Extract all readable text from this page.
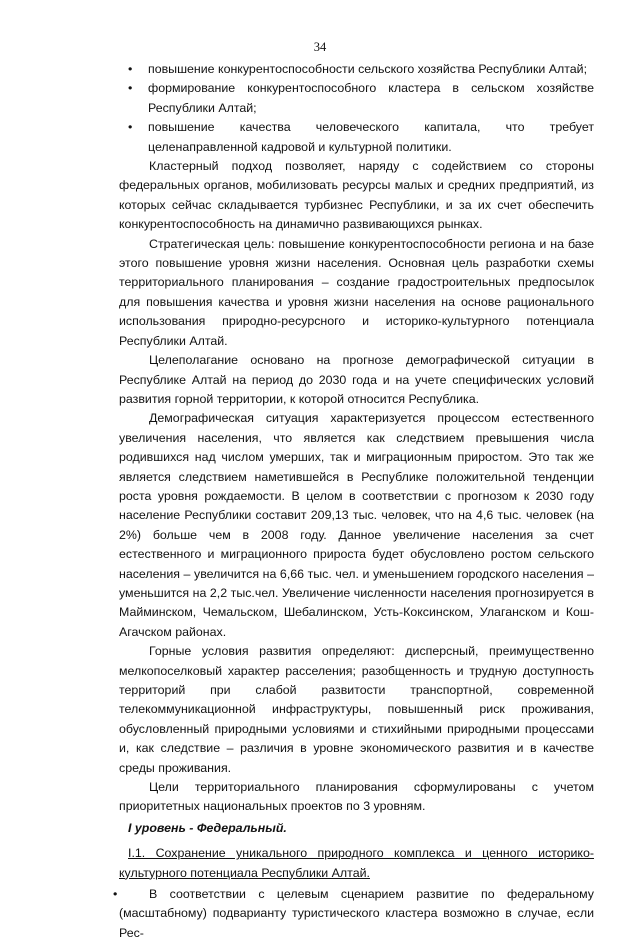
34
• повышение конкурентоспособности сельского хозяйства Республики Алтай;
• формирование конкурентоспособного кластера в сельском хозяйстве Республики Алтай;
• повышение качества человеческого капитала, что требует целенаправленной кадровой и культурной политики.

Кластерный подход позволяет, наряду с содействием со стороны федеральных органов, мобилизовать ресурсы малых и средних предприятий, из которых сейчас складывается турбизнес Республики, и за их счет обеспечить конкурентоспособность на динамично развивающихся рынках.

Стратегическая цель: повышение конкурентоспособности региона и на базе этого повышение уровня жизни населения. Основная цель разработки схемы территориального планирования – создание градостроительных предпосылок для повышения качества и уровня жизни населения на основе рационального использования природно-ресурсного и историко-культурного потенциала Республики Алтай.

Целеполагание основано на прогнозе демографической ситуации в Республике Алтай на период до 2030 года и на учете специфических условий развития горной территории, к которой относится Республика.

Демографическая ситуация характеризуется процессом естественного увеличения населения, что является как следствием превышения числа родившихся над числом умерших, так и миграционным приростом. Это так же является следствием наметившейся в Республике положительной тенденции роста уровня рождаемости. В целом в соответствии с прогнозом к 2030 году население Республики составит 209,13 тыс. человек, что на 4,6 тыс. человек (на 2%) больше чем в 2008 году. Данное увеличение населения за счет естественного и миграционного прироста будет обусловлено ростом сельского населения – увеличится на 6,66 тыс. чел. и уменьшением городского населения – уменьшится на 2,2 тыс.чел. Увеличение численности населения прогнозируется в Майминском, Чемальском, Шебалинском, Усть-Коксинском, Улаганском и Кош-Агачском районах.

Горные условия развития определяют: дисперсный, преимущественно мелкопоселковый характер расселения; разобщенность и трудную доступность территорий при слабой развитости транспортной, современной телекоммуникационной инфраструктуры, повышенный риск проживания, обусловленный природными условиями и стихийными природными процессами и, как следствие – различия в уровне экономического развития и в качестве среды проживания.

Цели территориального планирования сформулированы с учетом приоритетных национальных проектов по 3 уровням.

I уровень - Федеральный.

I.1. Сохранение уникального природного комплекса и ценного историко-культурного потенциала Республики Алтай.

•	В соответствии с целевым сценарием развитие по федеральному (масштабному) подварианту туристического кластера возможно в случае, если Рес-
